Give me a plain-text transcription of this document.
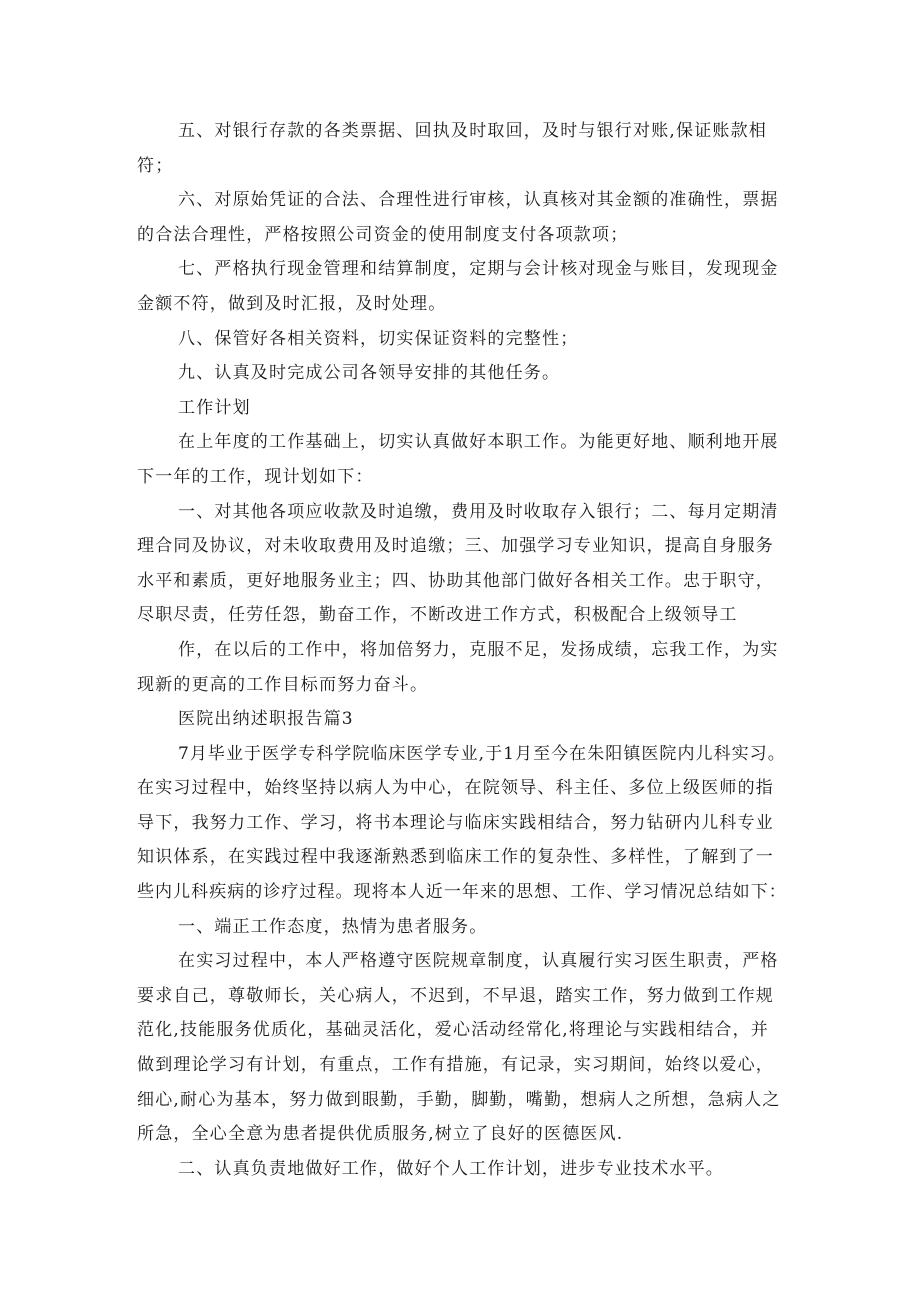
五、对银行存款的各类票据、回执及时取回，及时与银行对账,保证账款相
符；
六、对原始凭证的合法、合理性进行审核，认真核对其金额的准确性，票据
的合法合理性，严格按照公司资金的使用制度支付各项款项；
七、严格执行现金管理和结算制度，定期与会计核对现金与账目，发现现金
金额不符，做到及时汇报，及时处理。
八、保管好各相关资料，切实保证资料的完整性；
九、认真及时完成公司各领导安排的其他任务。
工作计划
在上年度的工作基础上，切实认真做好本职工作。为能更好地、顺利地开展
下一年的工作，现计划如下：
一、对其他各项应收款及时追缴，费用及时收取存入银行；二、每月定期清
理合同及协议，对未收取费用及时追缴；三、加强学习专业知识，提高自身服务
水平和素质，更好地服务业主；四、协助其他部门做好各相关工作。忠于职守，
尽职尽责，任劳任怨，勤奋工作，不断改进工作方式，积极配合上级领导工
作，在以后的工作中，将加倍努力，克服不足，发扬成绩，忘我工作，为实
现新的更高的工作目标而努力奋斗。
医院出纳述职报告篇3
7月毕业于医学专科学院临床医学专业,于1月至今在朱阳镇医院内儿科实习。
在实习过程中，始终坚持以病人为中心，在院领导、科主任、多位上级医师的指
导下，我努力工作、学习，将书本理论与临床实践相结合，努力钻研内儿科专业
知识体系，在实践过程中我逐渐熟悉到临床工作的复杂性、多样性，了解到了一
些内儿科疾病的诊疗过程。现将本人近一年来的思想、工作、学习情况总结如下：
一、端正工作态度，热情为患者服务。
在实习过程中，本人严格遵守医院规章制度，认真履行实习医生职责，严格
要求自己，尊敬师长，关心病人，不迟到，不早退，踏实工作，努力做到工作规
范化,技能服务优质化，基础灵活化，爱心活动经常化,将理论与实践相结合，并
做到理论学习有计划，有重点，工作有措施，有记录，实习期间，始终以爱心，
细心,耐心为基本，努力做到眼勤，手勤，脚勤，嘴勤，想病人之所想，急病人之
所急，全心全意为患者提供优质服务,树立了良好的医德医风.
二、认真负责地做好工作，做好个人工作计划，进步专业技术水平。
